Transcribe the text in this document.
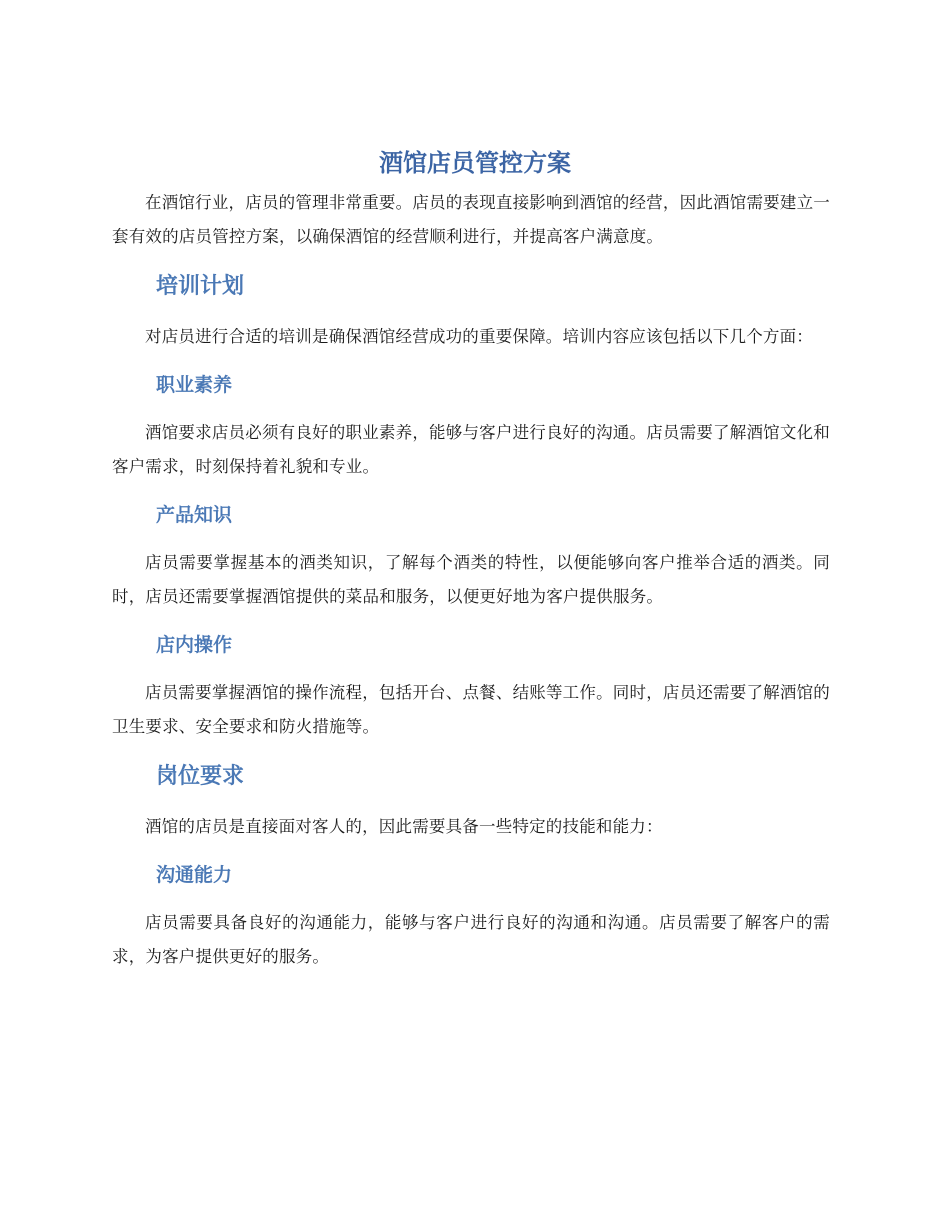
酒馆店员管控方案

在酒馆行业，店员的管理非常重要。店员的表现直接影响到酒馆的经营，因此酒馆需要建立一套有效的店员管控方案，以确保酒馆的经营顺利进行，并提高客户满意度。

培训计划

对店员进行合适的培训是确保酒馆经营成功的重要保障。培训内容应该包括以下几个方面：

职业素养

酒馆要求店员必须有良好的职业素养，能够与客户进行良好的沟通。店员需要了解酒馆文化和客户需求，时刻保持着礼貌和专业。

产品知识

店员需要掌握基本的酒类知识，了解每个酒类的特性，以便能够向客户推举合适的酒类。同时，店员还需要掌握酒馆提供的菜品和服务，以便更好地为客户提供服务。

店内操作

店员需要掌握酒馆的操作流程，包括开台、点餐、结账等工作。同时，店员还需要了解酒馆的卫生要求、安全要求和防火措施等。

岗位要求

酒馆的店员是直接面对客人的，因此需要具备一些特定的技能和能力：

沟通能力

店员需要具备良好的沟通能力，能够与客户进行良好的沟通和沟通。店员需要了解客户的需求，为客户提供更好的服务。
